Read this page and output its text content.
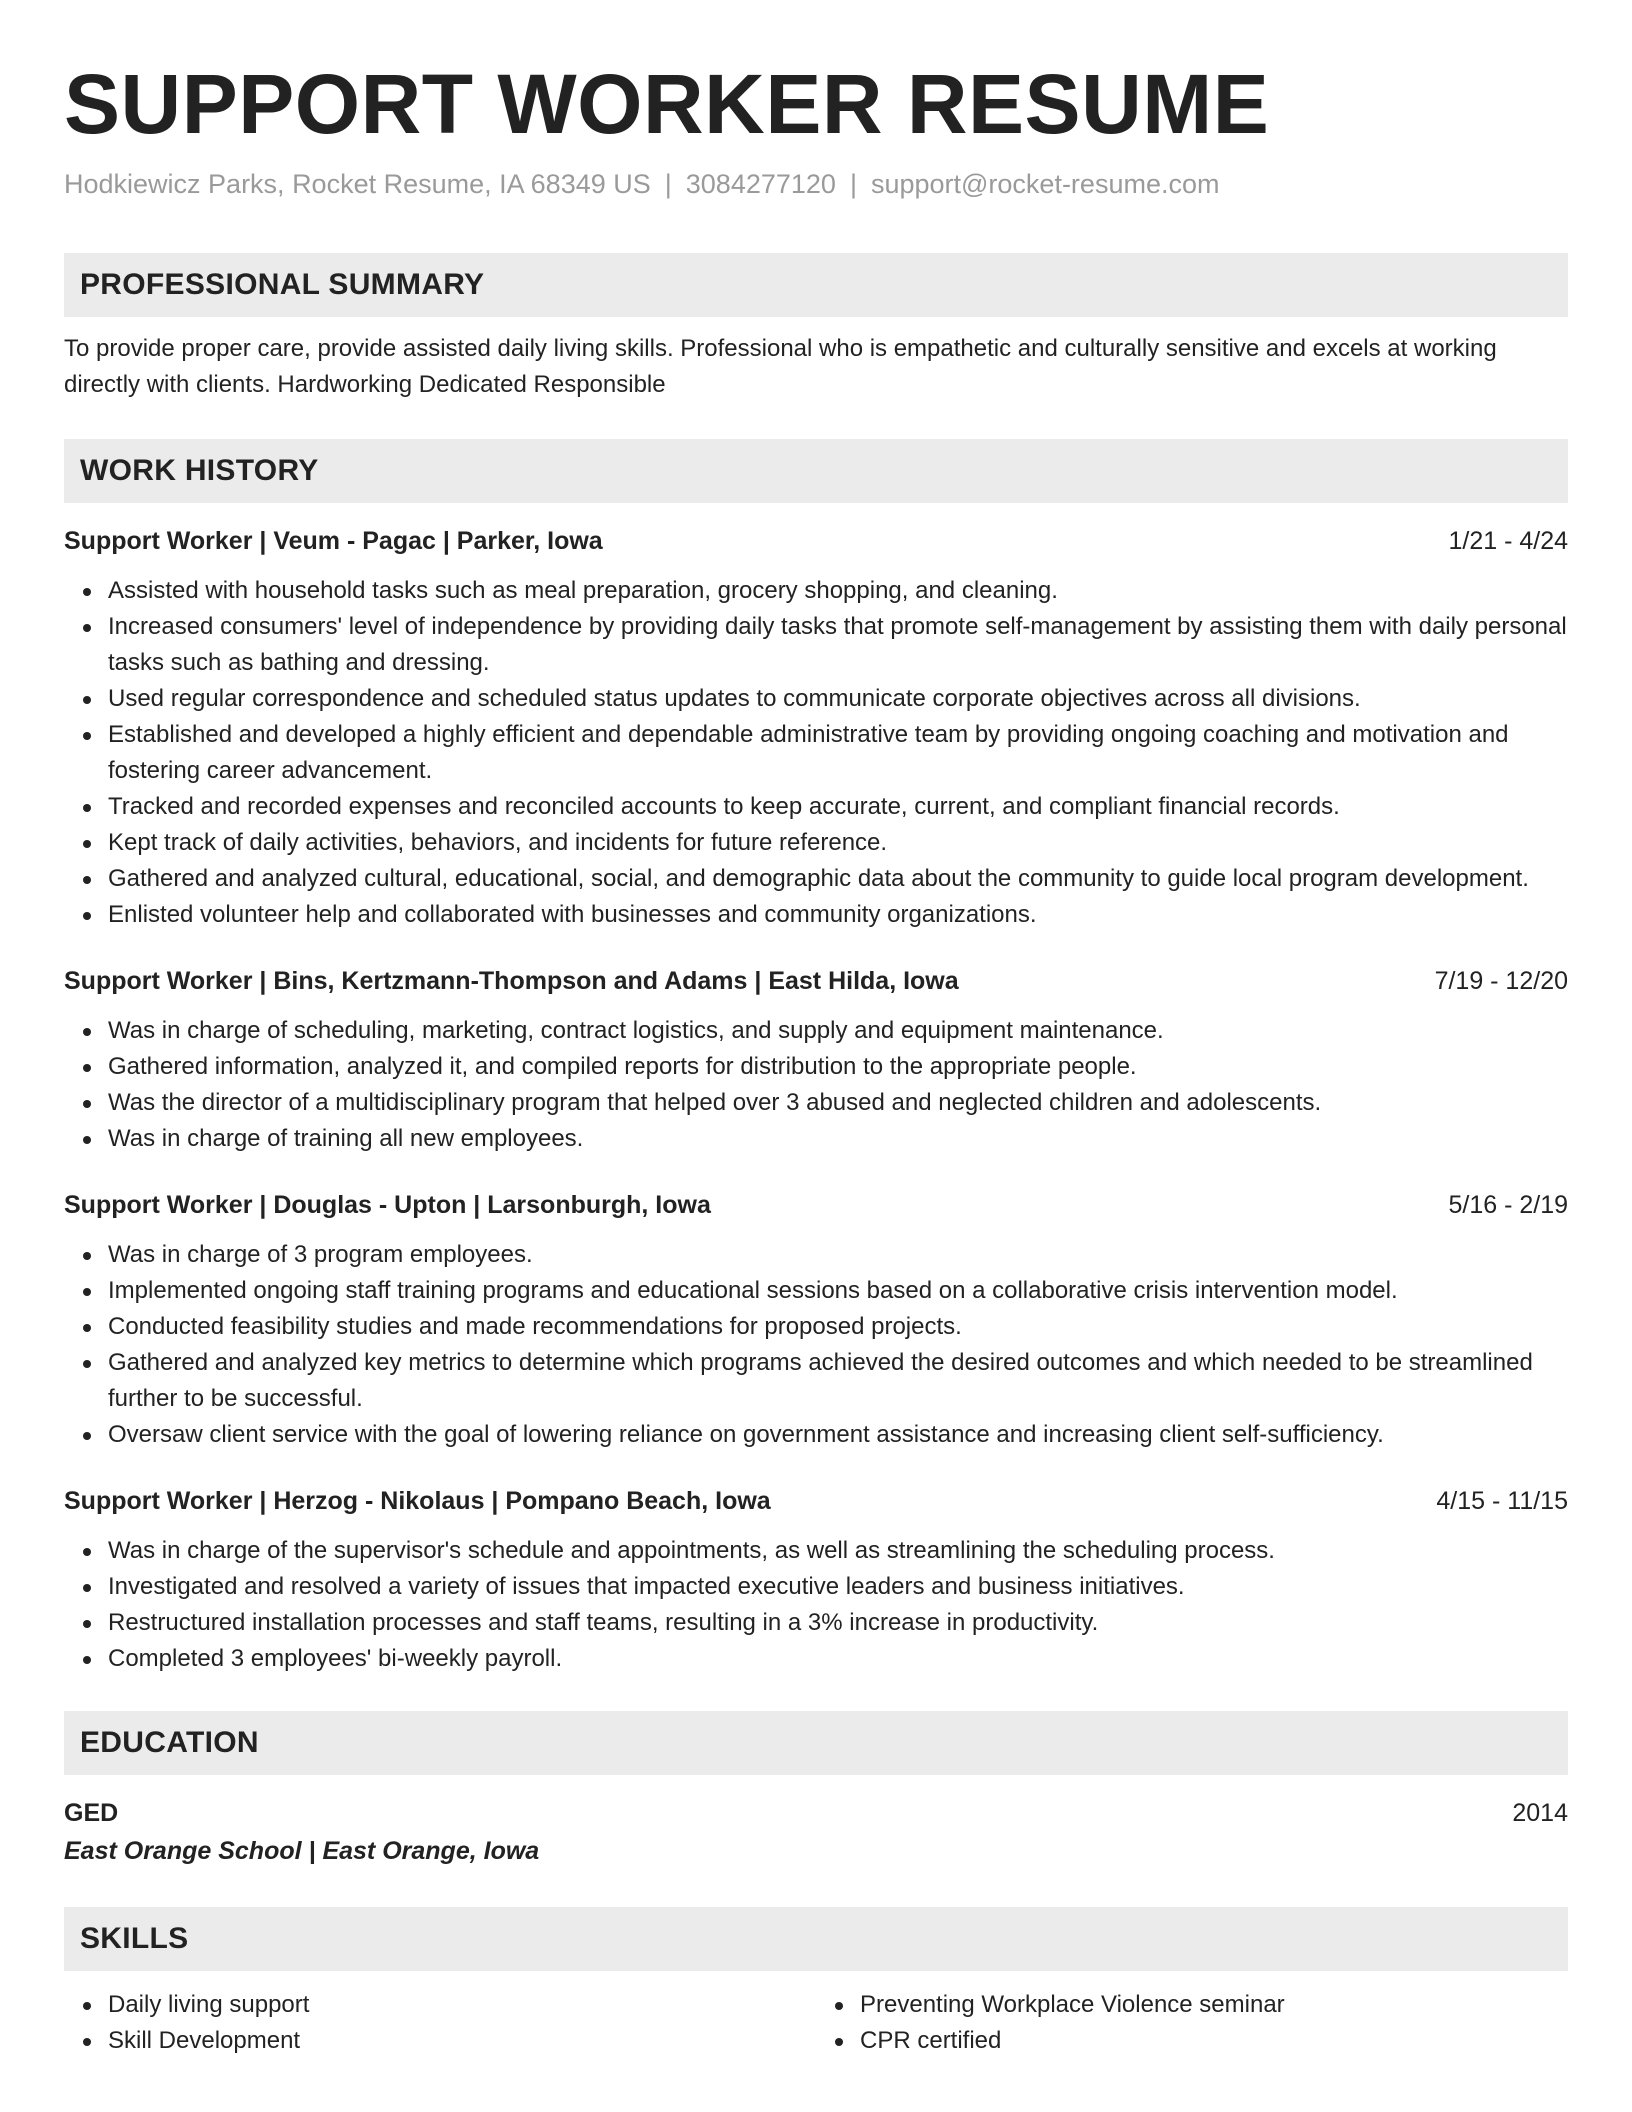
SUPPORT WORKER RESUME
Hodkiewicz Parks, Rocket Resume, IA 68349 US | 3084277120 | support@rocket-resume.com
PROFESSIONAL SUMMARY
To provide proper care, provide assisted daily living skills. Professional who is empathetic and culturally sensitive and excels at working directly with clients. Hardworking Dedicated Responsible
WORK HISTORY
Support Worker | Veum - Pagac | Parker, Iowa	1/21 - 4/24
Assisted with household tasks such as meal preparation, grocery shopping, and cleaning.
Increased consumers' level of independence by providing daily tasks that promote self-management by assisting them with daily personal tasks such as bathing and dressing.
Used regular correspondence and scheduled status updates to communicate corporate objectives across all divisions.
Established and developed a highly efficient and dependable administrative team by providing ongoing coaching and motivation and fostering career advancement.
Tracked and recorded expenses and reconciled accounts to keep accurate, current, and compliant financial records.
Kept track of daily activities, behaviors, and incidents for future reference.
Gathered and analyzed cultural, educational, social, and demographic data about the community to guide local program development.
Enlisted volunteer help and collaborated with businesses and community organizations.
Support Worker | Bins, Kertzmann-Thompson and Adams | East Hilda, Iowa	7/19 - 12/20
Was in charge of scheduling, marketing, contract logistics, and supply and equipment maintenance.
Gathered information, analyzed it, and compiled reports for distribution to the appropriate people.
Was the director of a multidisciplinary program that helped over 3 abused and neglected children and adolescents.
Was in charge of training all new employees.
Support Worker | Douglas - Upton | Larsonburgh, Iowa	5/16 - 2/19
Was in charge of 3 program employees.
Implemented ongoing staff training programs and educational sessions based on a collaborative crisis intervention model.
Conducted feasibility studies and made recommendations for proposed projects.
Gathered and analyzed key metrics to determine which programs achieved the desired outcomes and which needed to be streamlined further to be successful.
Oversaw client service with the goal of lowering reliance on government assistance and increasing client self-sufficiency.
Support Worker | Herzog - Nikolaus | Pompano Beach, Iowa	4/15 - 11/15
Was in charge of the supervisor's schedule and appointments, as well as streamlining the scheduling process.
Investigated and resolved a variety of issues that impacted executive leaders and business initiatives.
Restructured installation processes and staff teams, resulting in a 3% increase in productivity.
Completed 3 employees' bi-weekly payroll.
EDUCATION
GED	2014
East Orange School | East Orange, Iowa
SKILLS
Daily living support
Skill Development
Preventing Workplace Violence seminar
CPR certified
